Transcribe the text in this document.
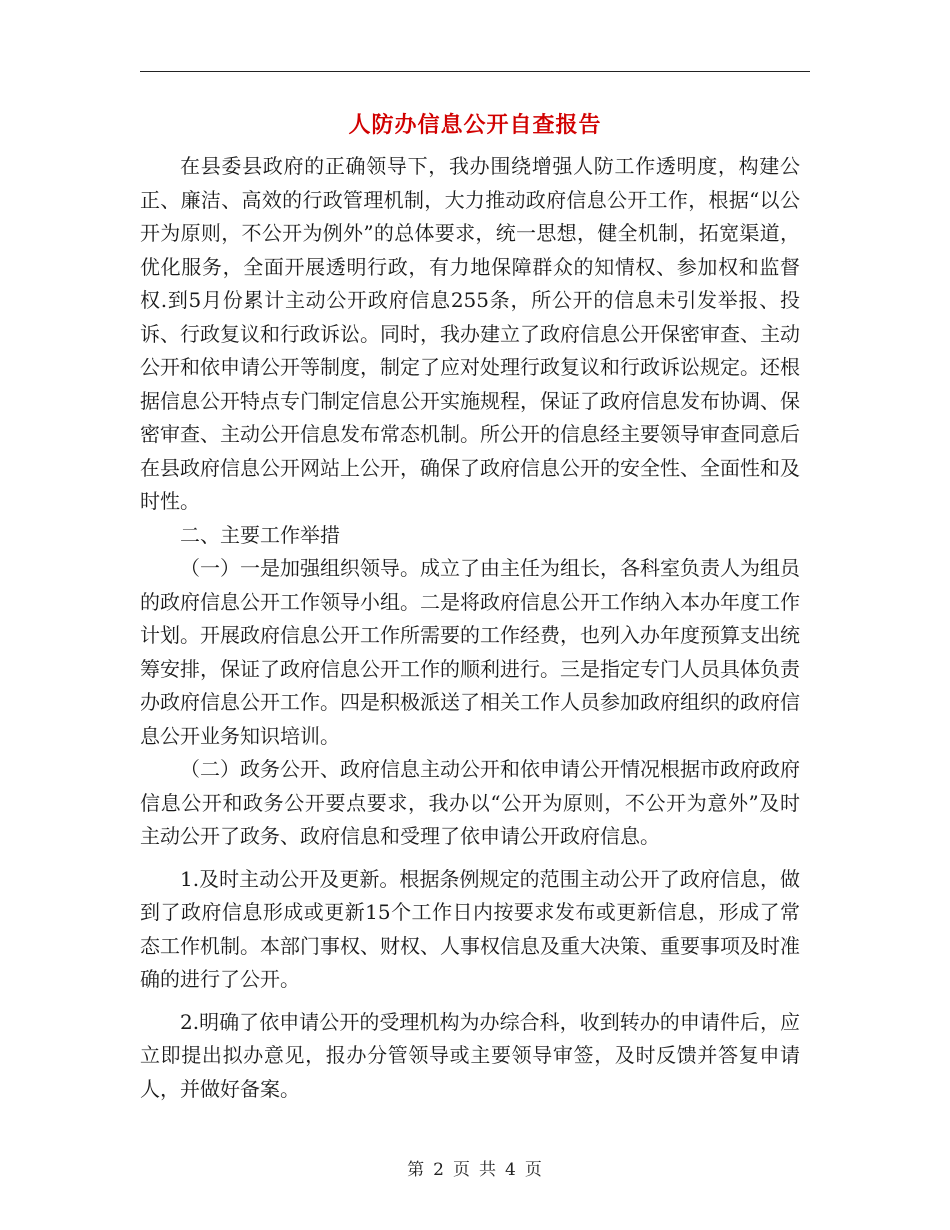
人防办信息公开自查报告

在县委县政府的正确领导下，我办围绕增强人防工作透明度，构建公正、廉洁、高效的行政管理机制，大力推动政府信息公开工作，根据“以公开为原则，不公开为例外”的总体要求，统一思想，健全机制，拓宽渠道，优化服务，全面开展透明行政，有力地保障群众的知情权、参加权和监督权.到5月份累计主动公开政府信息255条，所公开的信息未引发举报、投诉、行政复议和行政诉讼。同时，我办建立了政府信息公开保密审查、主动公开和依申请公开等制度，制定了应对处理行政复议和行政诉讼规定。还根据信息公开特点专门制定信息公开实施规程，保证了政府信息发布协调、保密审查、主动公开信息发布常态机制。所公开的信息经主要领导审查同意后在县政府信息公开网站上公开，确保了政府信息公开的安全性、全面性和及时性。

二、主要工作举措

（一）一是加强组织领导。成立了由主任为组长，各科室负责人为组员的政府信息公开工作领导小组。二是将政府信息公开工作纳入本办年度工作计划。开展政府信息公开工作所需要的工作经费，也列入办年度预算支出统筹安排，保证了政府信息公开工作的顺利进行。三是指定专门人员具体负责办政府信息公开工作。四是积极派送了相关工作人员参加政府组织的政府信息公开业务知识培训。

（二）政务公开、政府信息主动公开和依申请公开情况根据市政府政府信息公开和政务公开要点要求，我办以“公开为原则，不公开为意外”及时主动公开了政务、政府信息和受理了依申请公开政府信息。

1.及时主动公开及更新。根据条例规定的范围主动公开了政府信息，做到了政府信息形成或更新15个工作日内按要求发布或更新信息，形成了常态工作机制。本部门事权、财权、人事权信息及重大决策、重要事项及时准确的进行了公开。

2.明确了依申请公开的受理机构为办综合科，收到转办的申请件后，应立即提出拟办意见，报办分管领导或主要领导审签，及时反馈并答复申请人，并做好备案。

第 2 页 共 4 页
